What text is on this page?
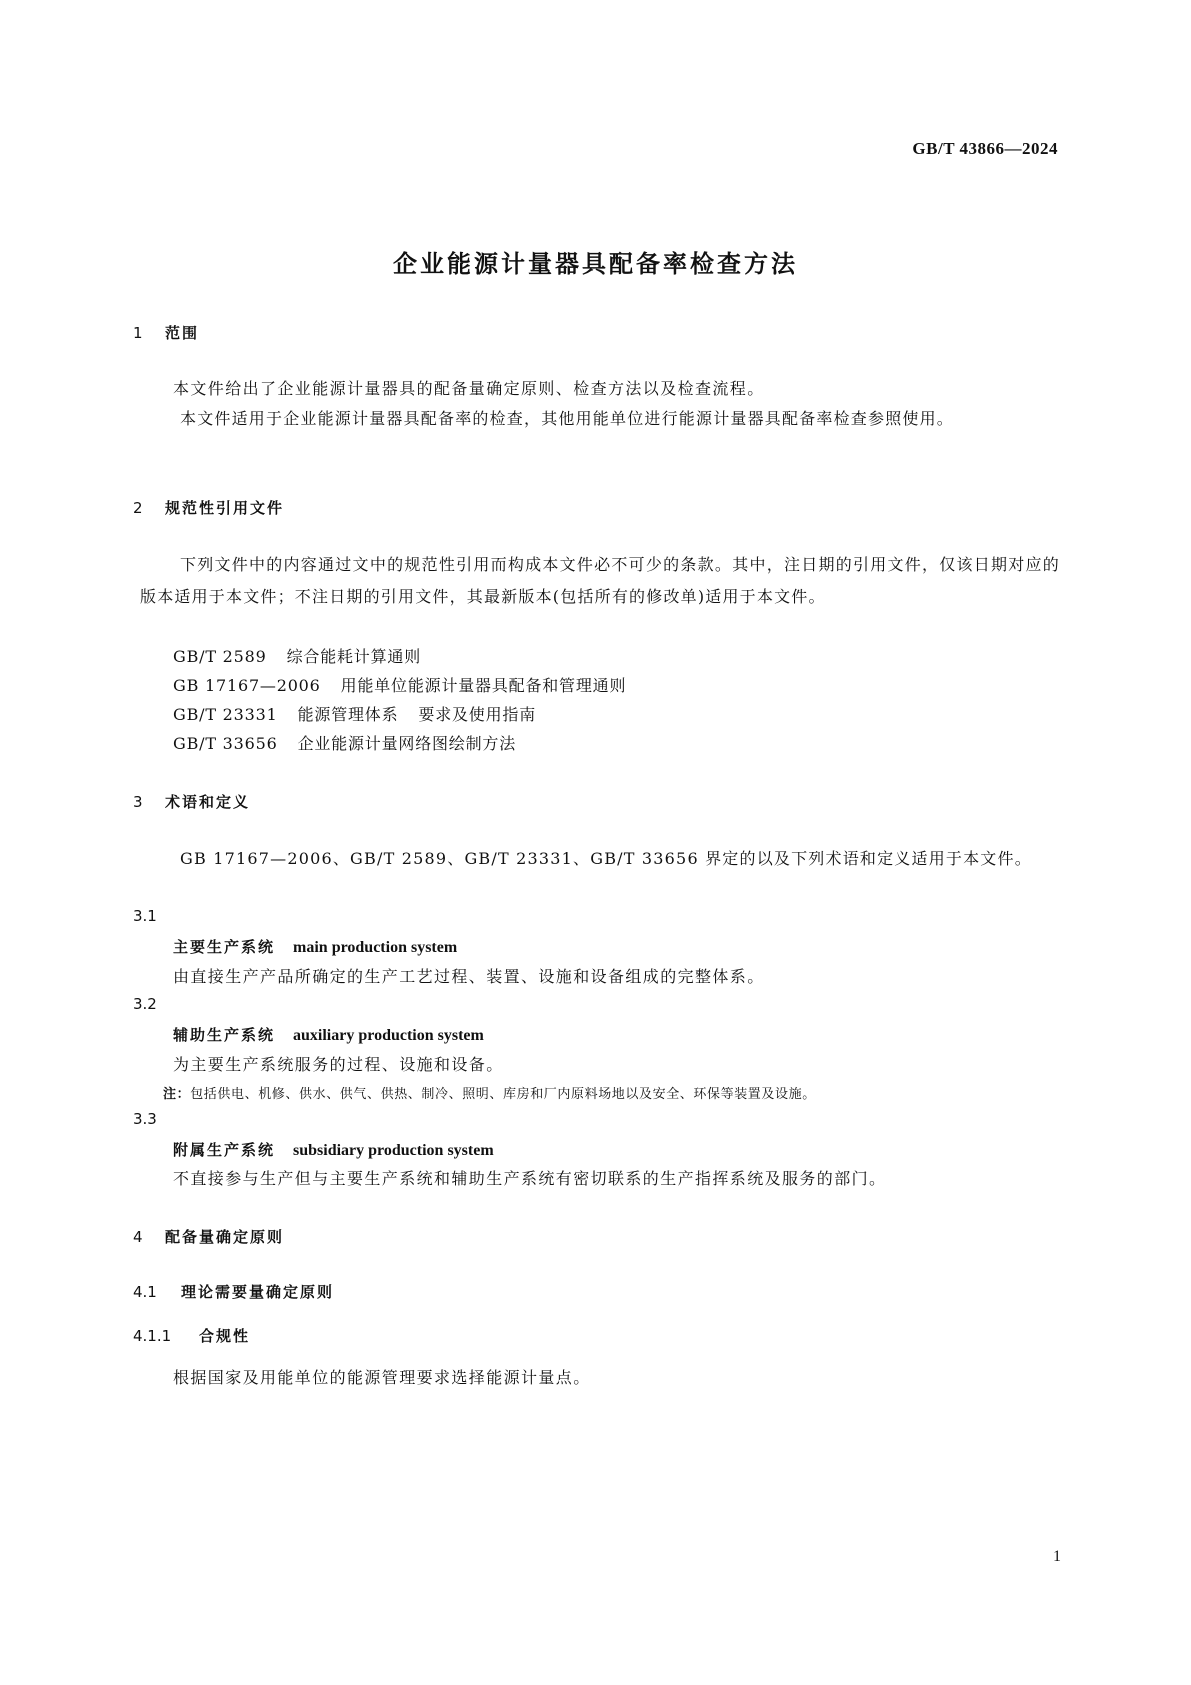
GB/T 43866—2024
企业能源计量器具配备率检查方法
1 范围
本文件给出了企业能源计量器具的配备量确定原则、检查方法以及检查流程。
本文件适用于企业能源计量器具配备率的检查，其他用能单位进行能源计量器具配备率检查参照使用。
2 规范性引用文件
下列文件中的内容通过文中的规范性引用而构成本文件必不可少的条款。其中，注日期的引用文件，仅该日期对应的版本适用于本文件；不注日期的引用文件，其最新版本(包括所有的修改单)适用于本文件。
GB/T 2589 综合能耗计算通则
GB 17167—2006 用能单位能源计量器具配备和管理通则
GB/T 23331 能源管理体系 要求及使用指南
GB/T 33656 企业能源计量网络图绘制方法
3 术语和定义
GB 17167—2006、GB/T 2589、GB/T 23331、GB/T 33656 界定的以及下列术语和定义适用于本文件。
3.1
主要生产系统 main production system
由直接生产产品所确定的生产工艺过程、装置、设施和设备组成的完整体系。
3.2
辅助生产系统 auxiliary production system
为主要生产系统服务的过程、设施和设备。
注：包括供电、机修、供水、供气、供热、制冷、照明、库房和厂内原料场地以及安全、环保等装置及设施。
3.3
附属生产系统 subsidiary production system
不直接参与生产但与主要生产系统和辅助生产系统有密切联系的生产指挥系统及服务的部门。
4 配备量确定原则
4.1 理论需要量确定原则
4.1.1 合规性
根据国家及用能单位的能源管理要求选择能源计量点。
1
